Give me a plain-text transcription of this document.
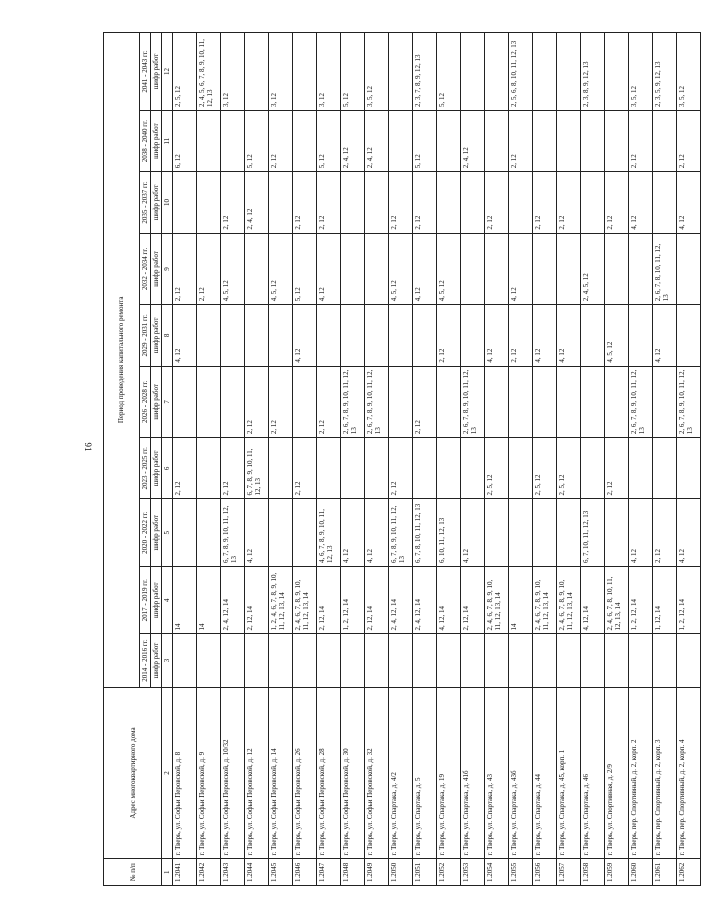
91
№ п/п	Адрес многоквартирного дома	Период проведения капитального ремонта									
		2014 - 2016 гг.	2017 - 2019 гг.	2020 - 2022 гг.	2023 - 2025 гг.	2026 - 2028 гг.	2029 - 2031 гг.	2032 - 2034 гг.	2035 - 2037 гг.	2038 - 2040 гг.	2041 - 2043 гг.
		шифр работ	шифр работ	шифр работ	шифр работ	шифр работ	шифр работ	шифр работ	шифр работ	шифр работ	шифр работ
1	2	3	4	5	6	7	8	9	10	11	12
1.2041	г. Тверь, ул. Софьи Перовской, д. 8		14		2, 12		4, 12	2, 12		6, 12	2, 5, 12
1.2042	г. Тверь, ул. Софьи Перовской, д. 9		14					2, 12			2, 4, 5, 6, 7, 8, 9, 10, 11, 12, 13
1.2043	г. Тверь, ул. Софьи Перовской, д. 10/32		2, 4, 12, 14	6, 7, 8, 9, 10, 11, 12, 13	2, 12			4, 5, 12	2, 12		3, 12
1.2044	г. Тверь, ул. Софьи Перовской, д. 12		2, 12, 14	4, 12	6, 7, 8, 9, 10, 11, 12, 13	2, 12			2, 4, 12	5, 12	
1.2045	г. Тверь, ул. Софьи Перовской, д. 14		1, 2, 4, 6, 7, 8, 9, 10, 11, 12, 13, 14			2, 12		4, 5, 12		2, 12	3, 12
1.2046	г. Тверь, ул. Софьи Перовской, д. 26		2, 4, 6, 7, 8, 9, 10, 11, 12, 13, 14		2, 12		4, 12	5, 12	2, 12		
1.2047	г. Тверь, ул. Софьи Перовской, д. 28		2, 12, 14	4, 6, 7, 8, 9, 10, 11, 12, 13		2, 12		4, 12	2, 12	5, 12	3, 12
1.2048	г. Тверь, ул. Софьи Перовской, д. 30		1, 2, 12, 14	4, 12		2, 6, 7, 8, 9, 10, 11, 12, 13				2, 4, 12	5, 12
1.2049	г. Тверь, ул. Софьи Перовской, д. 32		2, 12, 14	4, 12		2, 6, 7, 8, 9, 10, 11, 12, 13				2, 4, 12	3, 5, 12
1.2050	г. Тверь, ул. Спартака, д. 4/2		2, 4, 12, 14	6, 7, 8, 9, 10, 11, 12, 13	2, 12			4, 5, 12	2, 12		
1.2051	г. Тверь, ул. Спартака, д. 5		2, 4, 12, 14	6, 7, 8, 10, 11, 12, 13		2, 12		4, 12	2, 12	5, 12	2, 3, 7, 8, 9, 12, 13
1.2052	г. Тверь, ул. Спартака, д. 19		4, 12, 14	6, 10, 11, 12, 13			2, 12	4, 5, 12			5, 12
1.2053	г. Тверь, ул. Спартака, д. 41б		2, 12, 14	4, 12		2, 6, 7, 8, 9, 10, 11, 12, 13				2, 4, 12	
1.2054	г. Тверь, ул. Спартака, д. 43		2, 4, 6, 7, 8, 9, 10, 11, 12, 13, 14		2, 5, 12		4, 12		2, 12		
1.2055	г. Тверь, ул. Спартака, д. 43б		14				2, 12	4, 12		2, 12	2, 5, 6, 8, 10, 11, 12, 13
1.2056	г. Тверь, ул. Спартака, д. 44		2, 4, 6, 7, 8, 9, 10, 11, 12, 13, 14		2, 5, 12		4, 12		2, 12		
1.2057	г. Тверь, ул. Спартака, д. 45, корп. 1		2, 4, 6, 7, 8, 9, 10, 11, 12, 13, 14		2, 5, 12		4, 12		2, 12		
1.2058	г. Тверь, ул. Спартака, д. 46		4, 12, 14	6, 7, 10, 11, 12, 13				2, 4, 5, 12			2, 3, 8, 9, 12, 13
1.2059	г. Тверь, ул. Спортивная, д. 2/9		2, 4, 6, 7, 8, 10, 11, 12, 13, 14		2, 12		4, 5, 12		2, 12		
1.2060	г. Тверь, пер. Спортивный, д. 2, корп. 2		1, 2, 12, 14	4, 12		2, 6, 7, 8, 9, 10, 11, 12, 13			4, 12	2, 12	3, 5, 12
1.2061	г. Тверь, пер. Спортивный, д. 2, корп. 3		1, 12, 14	2, 12			4, 12	2, 6, 7, 8, 10, 11, 12, 13			2, 3, 5, 9, 12, 13
1.2062	г. Тверь, пер. Спортивный, д. 2, корп. 4		1, 2, 12, 14	4, 12		2, 6, 7, 8, 9, 10, 11, 12, 13			4, 12	2, 12	3, 5, 12
